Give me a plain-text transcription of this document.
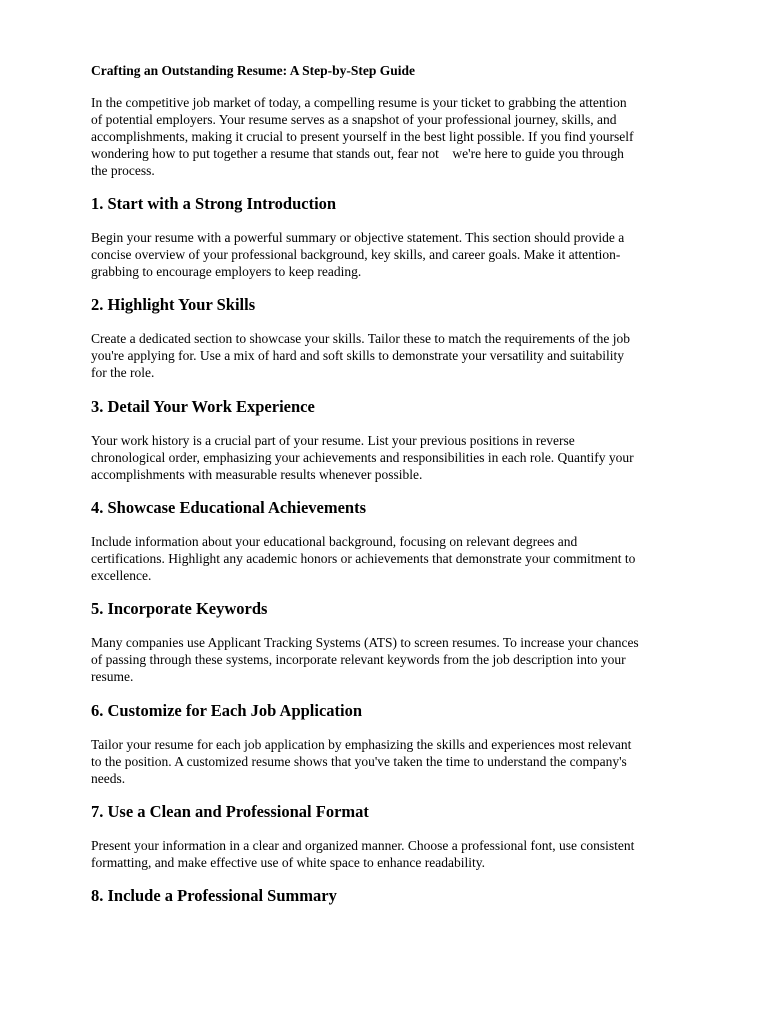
Crafting an Outstanding Resume: A Step-by-Step Guide
In the competitive job market of today, a compelling resume is your ticket to grabbing the attention
of potential employers. Your resume serves as a snapshot of your professional journey, skills, and
accomplishments, making it crucial to present yourself in the best light possible. If you find yourself
wondering how to put together a resume that stands out, fear not    we're here to guide you through
the process.
1. Start with a Strong Introduction
Begin your resume with a powerful summary or objective statement. This section should provide a
concise overview of your professional background, key skills, and career goals. Make it attention-
grabbing to encourage employers to keep reading.
2. Highlight Your Skills
Create a dedicated section to showcase your skills. Tailor these to match the requirements of the job
you're applying for. Use a mix of hard and soft skills to demonstrate your versatility and suitability
for the role.
3. Detail Your Work Experience
Your work history is a crucial part of your resume. List your previous positions in reverse
chronological order, emphasizing your achievements and responsibilities in each role. Quantify your
accomplishments with measurable results whenever possible.
4. Showcase Educational Achievements
Include information about your educational background, focusing on relevant degrees and
certifications. Highlight any academic honors or achievements that demonstrate your commitment to
excellence.
5. Incorporate Keywords
Many companies use Applicant Tracking Systems (ATS) to screen resumes. To increase your chances
of passing through these systems, incorporate relevant keywords from the job description into your
resume.
6. Customize for Each Job Application
Tailor your resume for each job application by emphasizing the skills and experiences most relevant
to the position. A customized resume shows that you've taken the time to understand the company's
needs.
7. Use a Clean and Professional Format
Present your information in a clear and organized manner. Choose a professional font, use consistent
formatting, and make effective use of white space to enhance readability.
8. Include a Professional Summary
